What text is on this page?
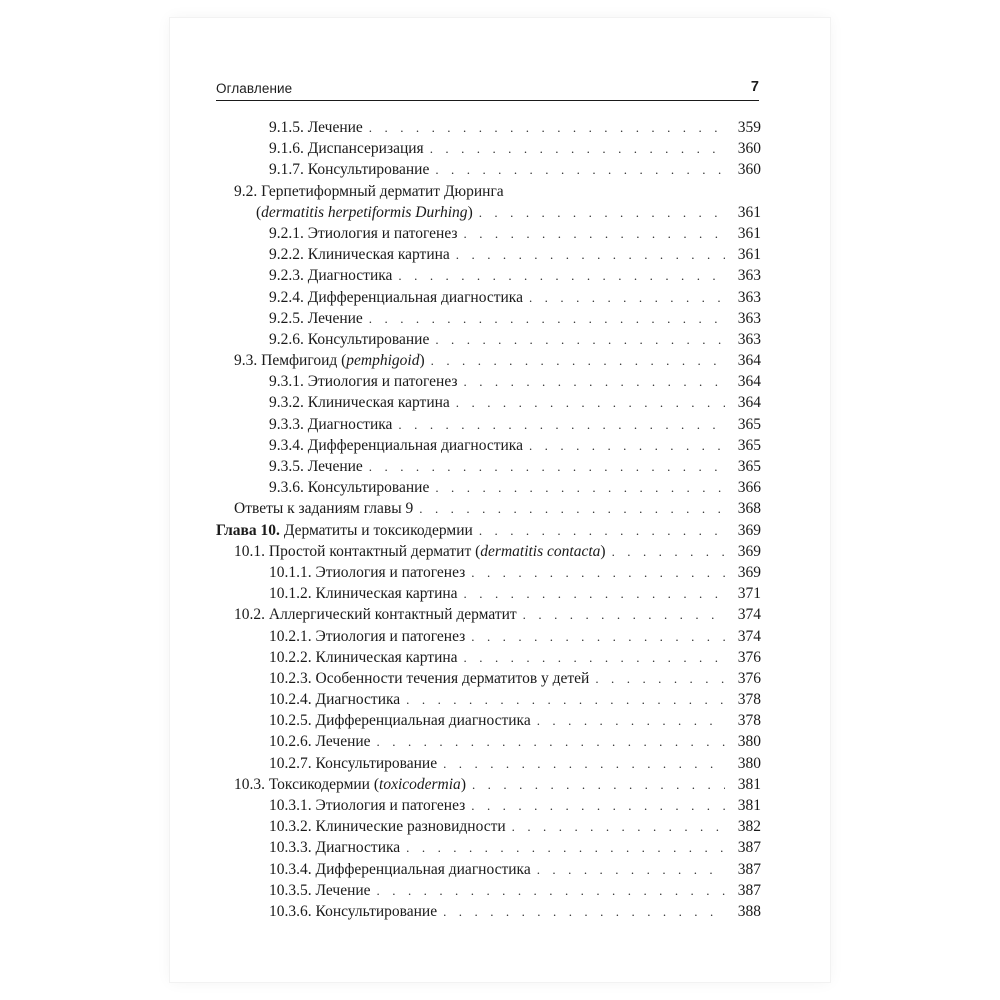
Оглавление	7
9.1.5. Лечение . . .	359
9.1.6. Диспансеризация . . .	360
9.1.7. Консультирование . . .	360
9.2. Герпетиформный дерматит Дюринга
(dermatitis herpetiformis Durhing) . . .	361
9.2.1. Этиология и патогенез . . .	361
9.2.2. Клиническая картина . . .	361
9.2.3. Диагностика . . .	363
9.2.4. Дифференциальная диагностика . . .	363
9.2.5. Лечение . . .	363
9.2.6. Консультирование . . .	363
9.3. Пемфигоид (pemphigoid) . . .	364
9.3.1. Этиология и патогенез . . .	364
9.3.2. Клиническая картина . . .	364
9.3.3. Диагностика . . .	365
9.3.4. Дифференциальная диагностика . . .	365
9.3.5. Лечение . . .	365
9.3.6. Консультирование . . .	366
Ответы к заданиям главы 9 . . .	368
Глава 10. Дерматиты и токсикодермии . . .	369
10.1. Простой контактный дерматит (dermatitis contacta) . . .	369
10.1.1. Этиология и патогенез . . .	369
10.1.2. Клиническая картина . . .	371
10.2. Аллергический контактный дерматит . . .	374
10.2.1. Этиология и патогенез . . .	374
10.2.2. Клиническая картина . . .	376
10.2.3. Особенности течения дерматитов у детей . . .	376
10.2.4. Диагностика . . .	378
10.2.5. Дифференциальная диагностика . . .	378
10.2.6. Лечение . . .	380
10.2.7. Консультирование . . .	380
10.3. Токсикодермии (toxicodermia) . . .	381
10.3.1. Этиология и патогенез . . .	381
10.3.2. Клинические разновидности . . .	382
10.3.3. Диагностика . . .	387
10.3.4. Дифференциальная диагностика . . .	387
10.3.5. Лечение . . .	387
10.3.6. Консультирование . . .	388
